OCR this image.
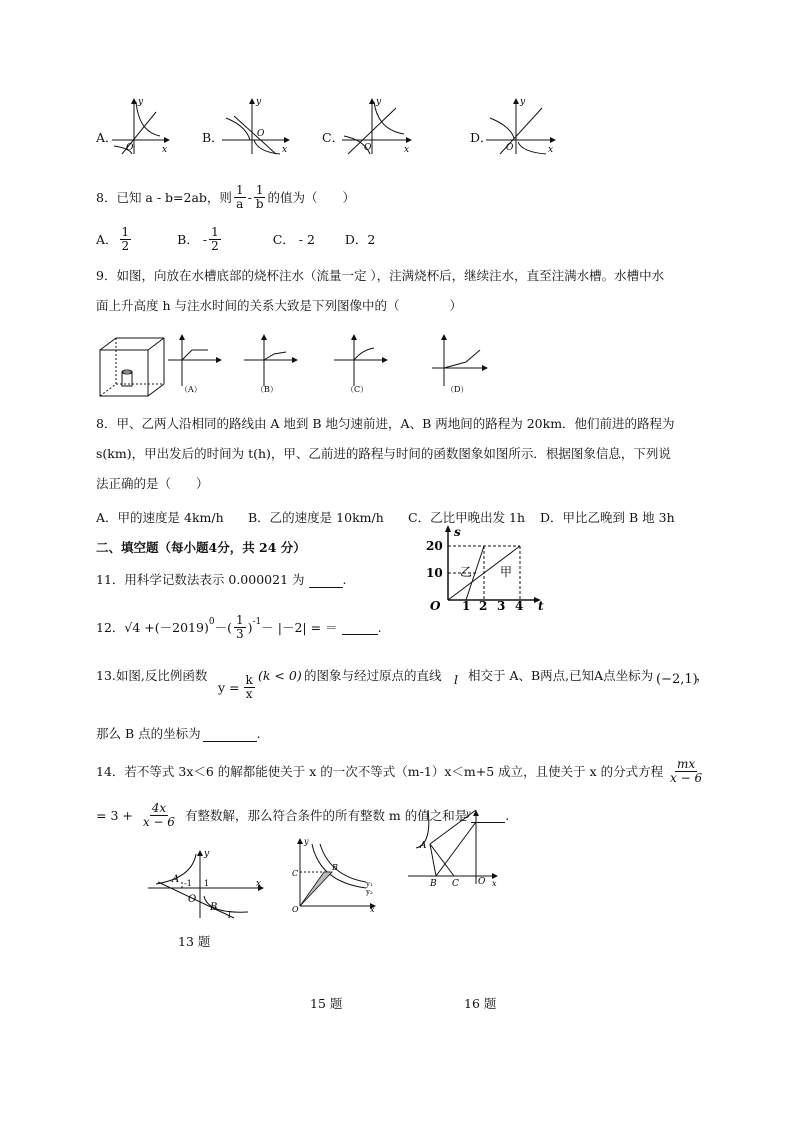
A．
y
x
O
B．
y
x
O	C．
y
x
O
D．
y
x
O
8．已知 a - b=2ab，则 $\frac{1}{a} - \frac{1}{b}$ 的值为（　　）
A． $\frac{1}{2}$	B． - $\frac{1}{2}$	C． - 2 D．2
9．如图，向放在水槽底部的烧杯注水（流量一定 ），注满烧杯后，继续注水，直至注满水槽。水槽中水
面上升高度 h 与注水时间的关系大致是下列图像中的（　　　　）
（A）	（B）	（C）	（D）
8．甲、乙两人沿相同的路线由 A 地到 B 地匀速前进，A、B 两地间的路程为 20km．他们前进的路程为
s(km)，甲出发后的时间为 t(h)，甲、乙前进的路程与时间的函数图象如图所示．根据图象信息，下列说
法正确的是（　　）
A．甲的速度是 4km/h B．乙的速度是 10km/h C．乙比甲晚出发 1h D．甲比乙晚到 B 地 3h
二、填空题（每小题4分，共 24 分）
s
t
O
20
10
1 2 3 4
乙 甲
11．用科学记数法表示 0.000021 为	.
12． $√4 +(-2019)^0$ －( $\frac{1}{3} )^{-1} - |-2|$ = ＝	.
13.如图,反比例函数
$y = \frac{k}{x} (k < 0)$ 的图象与经过原点的直线 l 相交于 A、B两点,已知A点坐标为 (−2,1)
，
那么 B 点的坐标为	.
14．若不等式 3x＜6 的解都能使关于 x 的一次不等式（m-1）x＜m+5 成立，且使关于 x 的分式方程 $\frac{mx}{x - 6}$
= $3 + \frac{4x}{x - 6}$ 有整数解，那么符合条件的所有整数 m 的值之和是	.
y
x
A
B
O
-1 1
l
13 题
y
x
C
B
O
y₁
y₂
15 题
y
x
A
B C O
16 题
